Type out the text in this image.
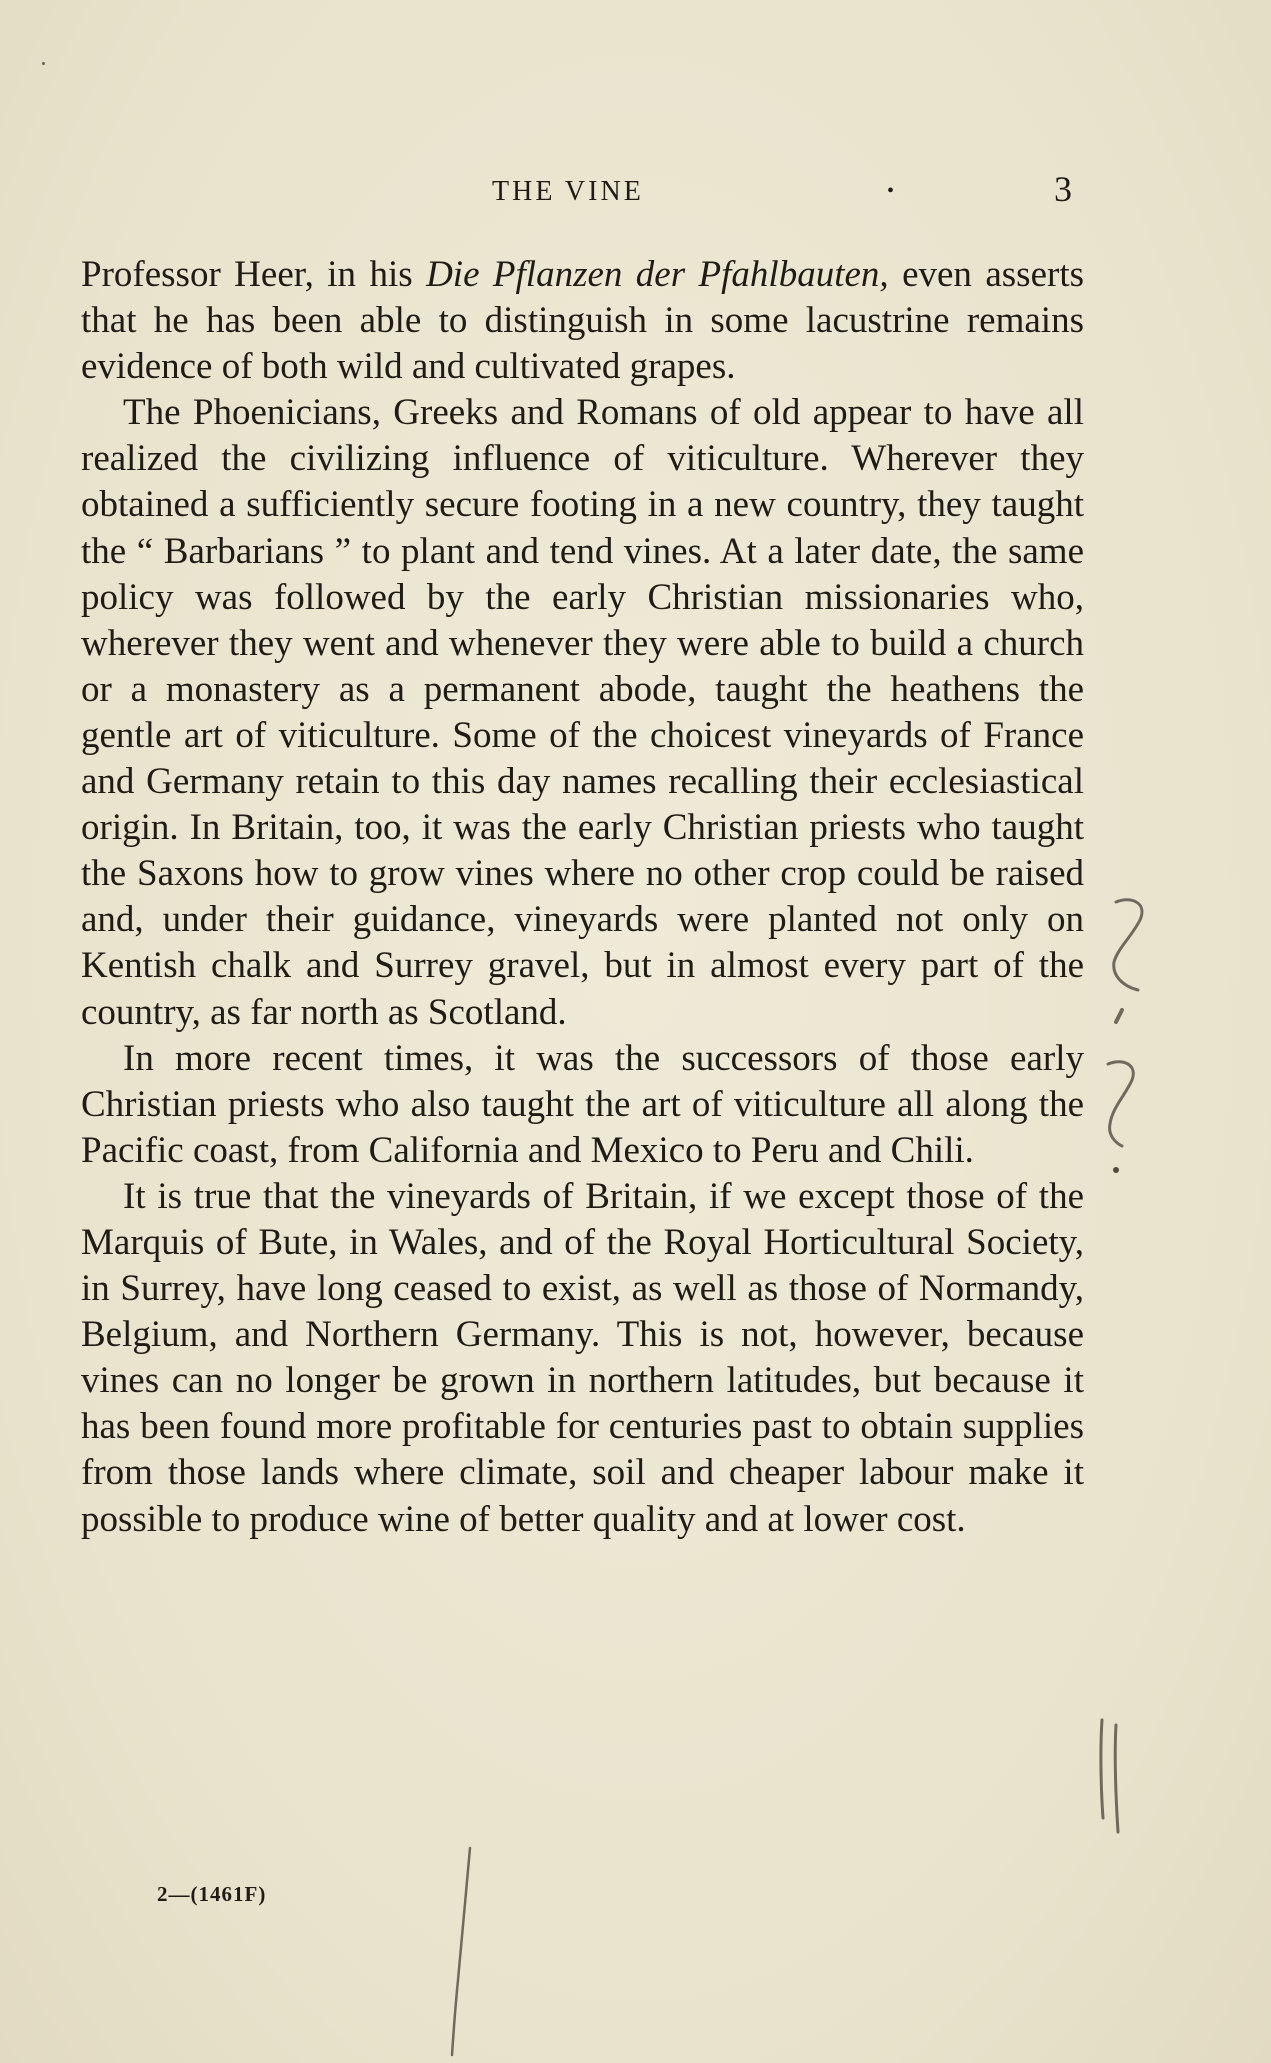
THE VINE	•	3

Professor Heer, in his Die Pflanzen der Pfahlbauten, even asserts that he has been able to distinguish in some lacustrine remains evidence of both wild and cultivated grapes.

The Phoenicians, Greeks and Romans of old appear to have all realized the civilizing influence of viticulture. Wherever they obtained a sufficiently secure footing in a new country, they taught the “ Barbarians ” to plant and tend vines. At a later date, the same policy was followed by the early Christian missionaries who, wherever they went and whenever they were able to build a church or a monastery as a permanent abode, taught the heathens the gentle art of viticulture. Some of the choicest vineyards of France and Germany retain to this day names recalling their ecclesiastical origin. In Britain, too, it was the early Christian priests who taught the Saxons how to grow vines where no other crop could be raised and, under their guidance, vineyards were planted not only on Kentish chalk and Surrey gravel, but in almost every part of the country, as far north as Scotland.

In more recent times, it was the successors of those early Christian priests who also taught the art of viticulture all along the Pacific coast, from California and Mexico to Peru and Chili.

It is true that the vineyards of Britain, if we except those of the Marquis of Bute, in Wales, and of the Royal Horticultural Society, in Surrey, have long ceased to exist, as well as those of Normandy, Belgium, and Northern Germany. This is not, however, because vines can no longer be grown in northern latitudes, but because it has been found more profitable for centuries past to obtain supplies from those lands where climate, soil and cheaper labour make it possible to produce wine of better quality and at lower cost.

2—(1461F)
